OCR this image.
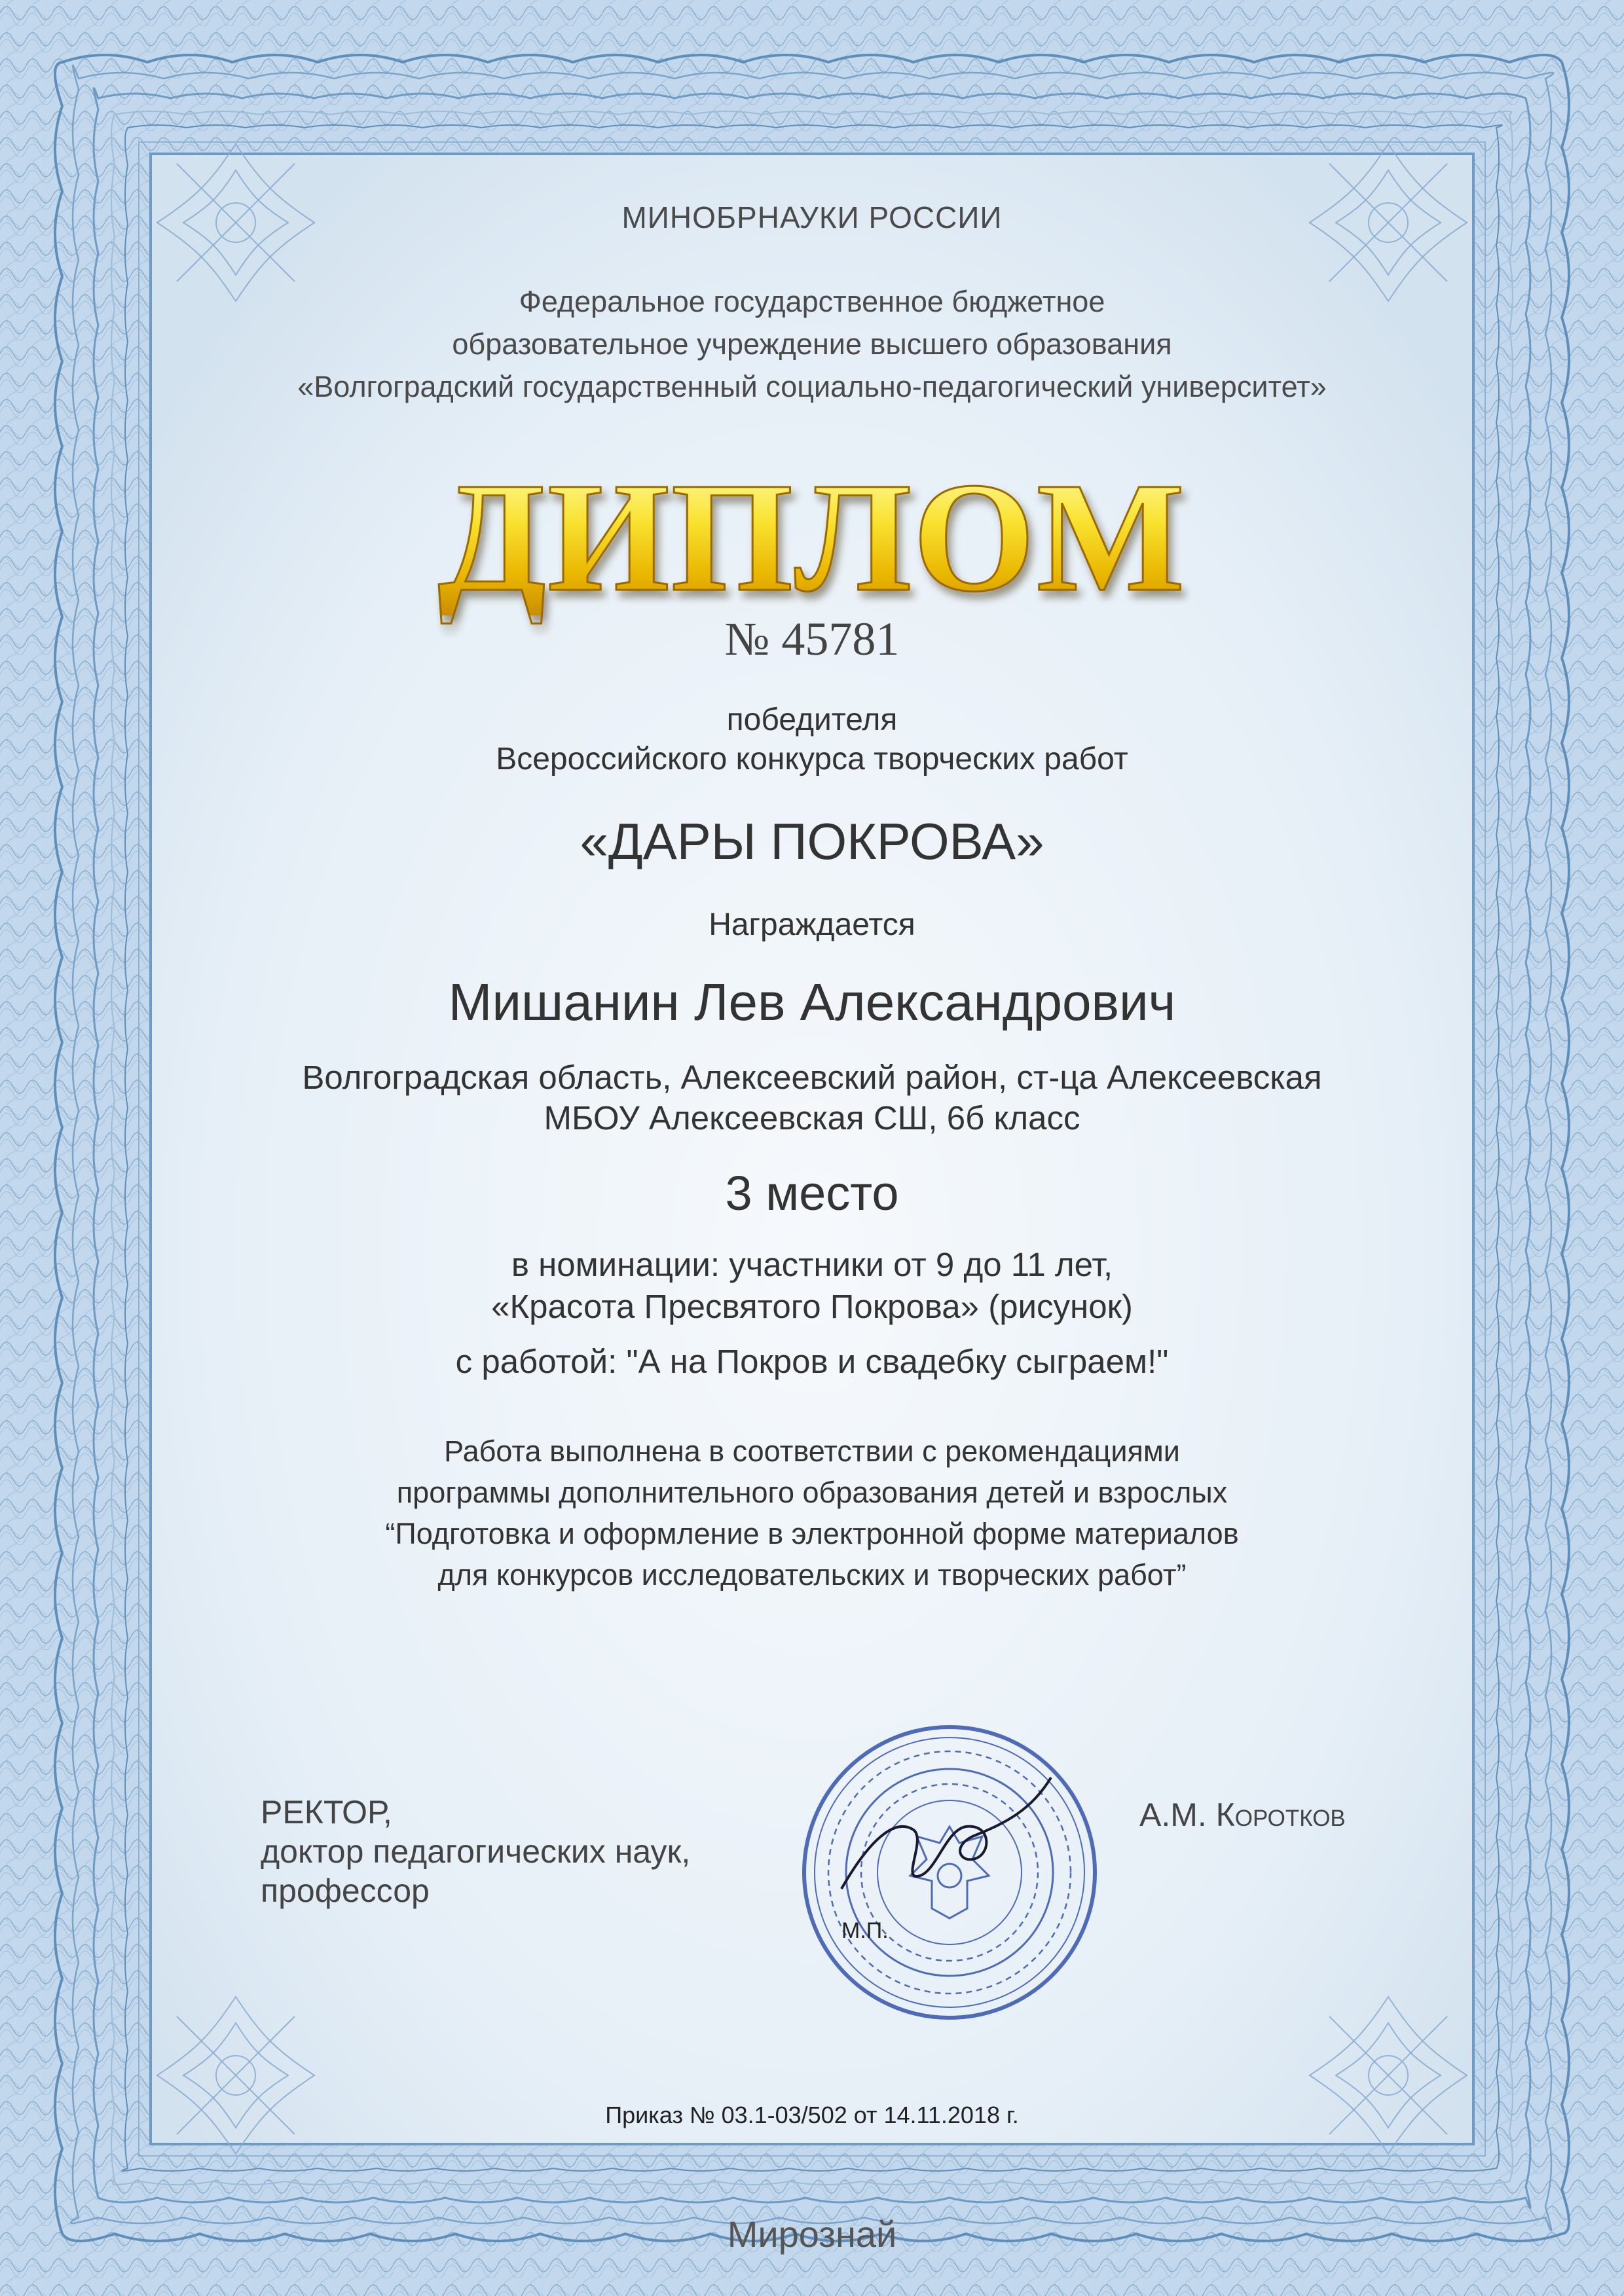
МИНОБРНАУКИ РОССИИ

Федеральное государственное бюджетное
образовательное учреждение высшего образования
«Волгоградский государственный социально-педагогический университет»
ДИПЛОМ

№ 45781

победителя
Всероссийского конкурса творческих работ

«ДАРЫ ПОКРОВА»

Награждается

Мишанин Лев Александрович

Волгоградская область, Алексеевский район, ст-ца Алексеевская
МБОУ Алексеевская СШ, 6б класс

3 место

в номинации: участники от 9 до 11 лет,
«Красота Пресвятого Покрова» (рисунок)

с работой: "А на Покров и свадебку сыграем!"

Работа выполнена в соответствии с рекомендациями
программы дополнительного образования детей и взрослых
“Подготовка и оформление в электронной форме материалов
для конкурсов исследовательских и творческих работ”
РЕКТОР,
доктор педагогических наук,
профессор

А.М. Коротков

М.П.

Приказ № 03.1-03/502 от 14.11.2018 г.

Мирознай
